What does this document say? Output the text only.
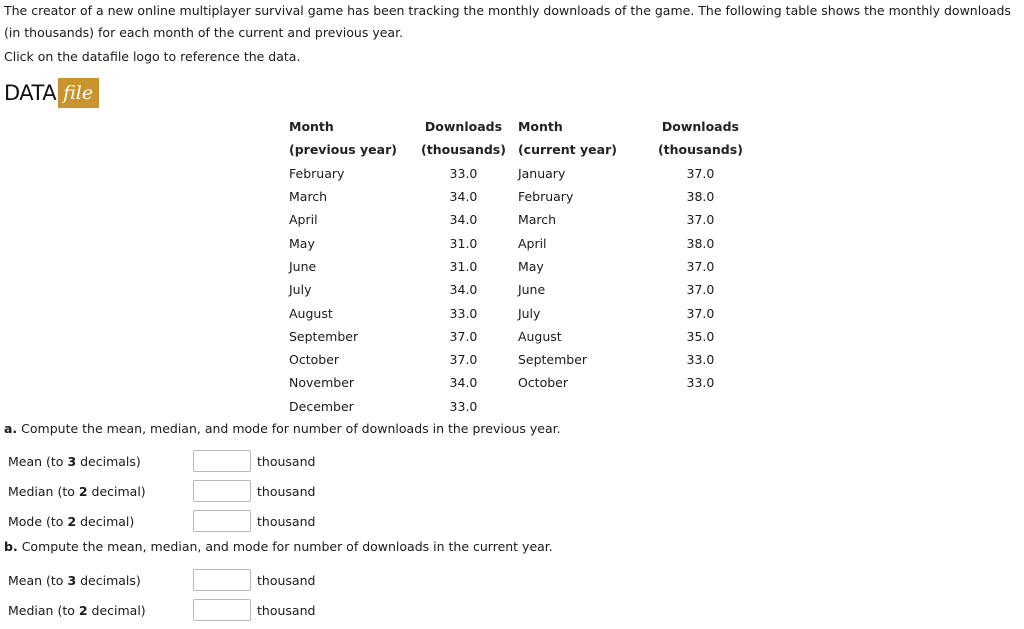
The creator of a new online multiplayer survival game has been tracking the monthly downloads of the game. The following table shows the monthly downloads (in thousands) for each month of the current and previous year.

Click on the datafile logo to reference the data.

DATA file
Month	Downloads	Month	Downloads
(previous year)	(thousands)	(current year)	(thousands)
February	33.0	January	37.0
March	34.0	February	38.0
April	34.0	March	37.0
May	31.0	April	38.0
June	31.0	May	37.0
July	34.0	June	37.0
August	33.0	July	37.0
September	37.0	August	35.0
October	37.0	September	33.0
November	34.0	October	33.0
December	33.0		

a. Compute the mean, median, and mode for number of downloads in the previous year.

Mean (to 3 decimals)	thousand
Median (to 2 decimal)	thousand
Mode (to 2 decimal)	thousand

b. Compute the mean, median, and mode for number of downloads in the current year.

Mean (to 3 decimals)	thousand
Median (to 2 decimal)	thousand
